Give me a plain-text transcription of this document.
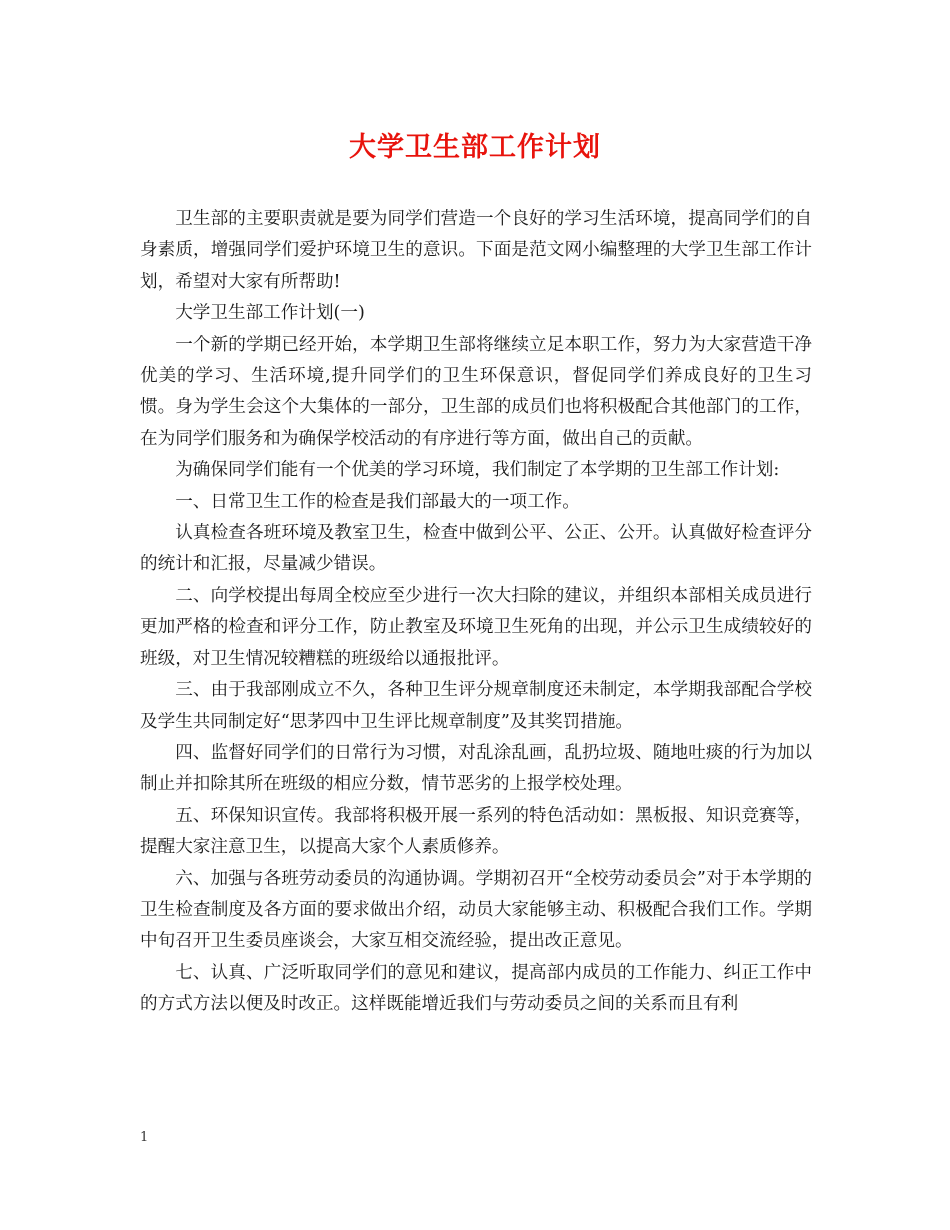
大学卫生部工作计划

卫生部的主要职责就是要为同学们营造一个良好的学习生活环境，提高同学们的自身素质，增强同学们爱护环境卫生的意识。下面是范文网小编整理的大学卫生部工作计划，希望对大家有所帮助!

大学卫生部工作计划(一)

一个新的学期已经开始，本学期卫生部将继续立足本职工作，努力为大家营造干净优美的学习、生活环境,提升同学们的卫生环保意识，督促同学们养成良好的卫生习惯。身为学生会这个大集体的一部分，卫生部的成员们也将积极配合其他部门的工作，在为同学们服务和为确保学校活动的有序进行等方面，做出自己的贡献。

为确保同学们能有一个优美的学习环境，我们制定了本学期的卫生部工作计划:

一、日常卫生工作的检查是我们部最大的一项工作。

认真检查各班环境及教室卫生，检查中做到公平、公正、公开。认真做好检查评分的统计和汇报，尽量减少错误。

二、向学校提出每周全校应至少进行一次大扫除的建议，并组织本部相关成员进行更加严格的检查和评分工作，防止教室及环境卫生死角的出现，并公示卫生成绩较好的班级，对卫生情况较糟糕的班级给以通报批评。

三、由于我部刚成立不久，各种卫生评分规章制度还未制定，本学期我部配合学校及学生共同制定好“思茅四中卫生评比规章制度”及其奖罚措施。

四、监督好同学们的日常行为习惯，对乱涂乱画，乱扔垃圾、随地吐痰的行为加以制止并扣除其所在班级的相应分数，情节恶劣的上报学校处理。

五、环保知识宣传。我部将积极开展一系列的特色活动如：黑板报、知识竞赛等，提醒大家注意卫生，以提高大家个人素质修养。

六、加强与各班劳动委员的沟通协调。学期初召开“全校劳动委员会”对于本学期的卫生检查制度及各方面的要求做出介绍，动员大家能够主动、积极配合我们工作。学期中旬召开卫生委员座谈会，大家互相交流经验，提出改正意见。

七、认真、广泛听取同学们的意见和建议，提高部内成员的工作能力、纠正工作中的方式方法以便及时改正。这样既能增近我们与劳动委员之间的关系而且有利

1
